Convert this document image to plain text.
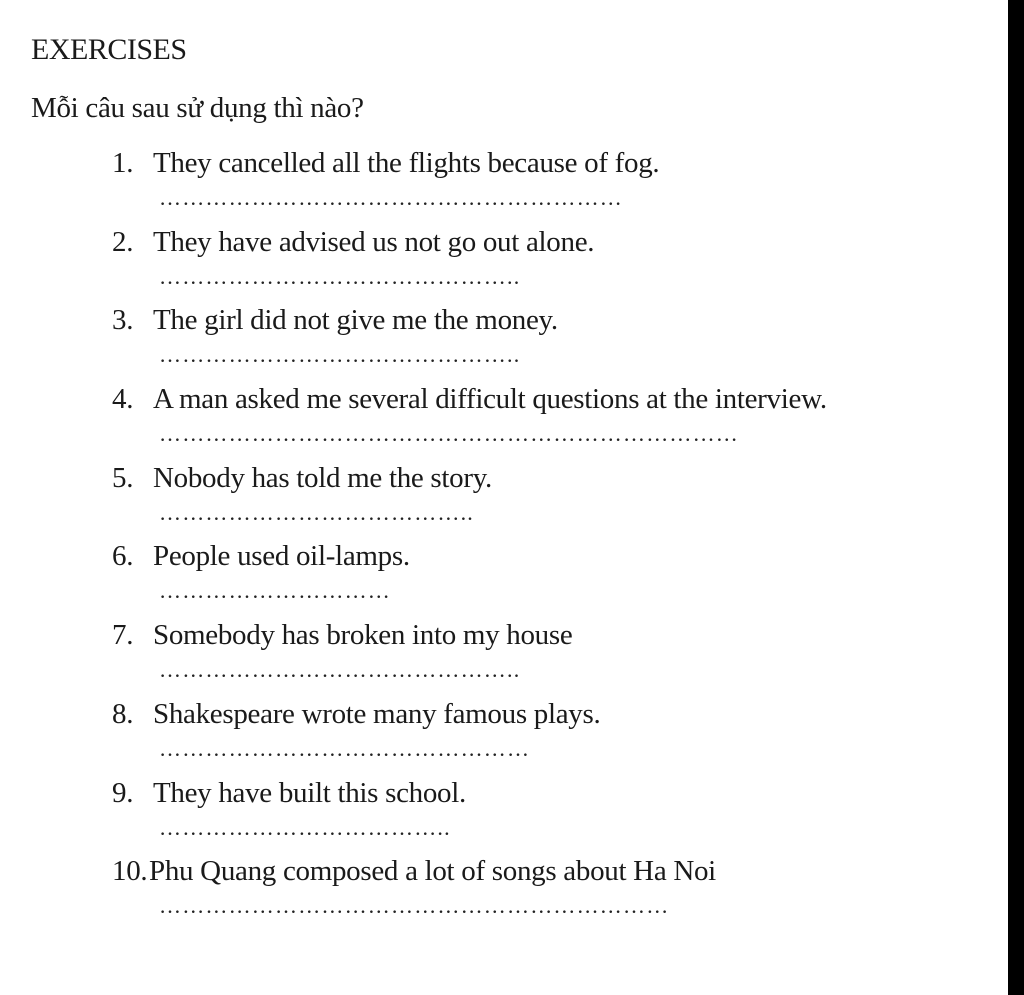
EXERCISES

Mỗi câu sau sử dụng thì nào?

1. They cancelled all the flights because of fog.
……………………………………………………
2. They have advised us not go out alone.
………………………………………..
3. The girl did not give me the money.
………………………………………..
4. A man asked me several difficult questions at the interview.
…………………………………………………………………
5. Nobody has told me the story.
…………………………………..
6. People used oil-lamps.
…………………………
7. Somebody has broken into my house
………………………………………..
8. Shakespeare wrote many famous plays.
…………………………………………
9. They have built this school.
………………………………..
10. Phu Quang composed a lot of songs about Ha Noi
…………………………………………………………
